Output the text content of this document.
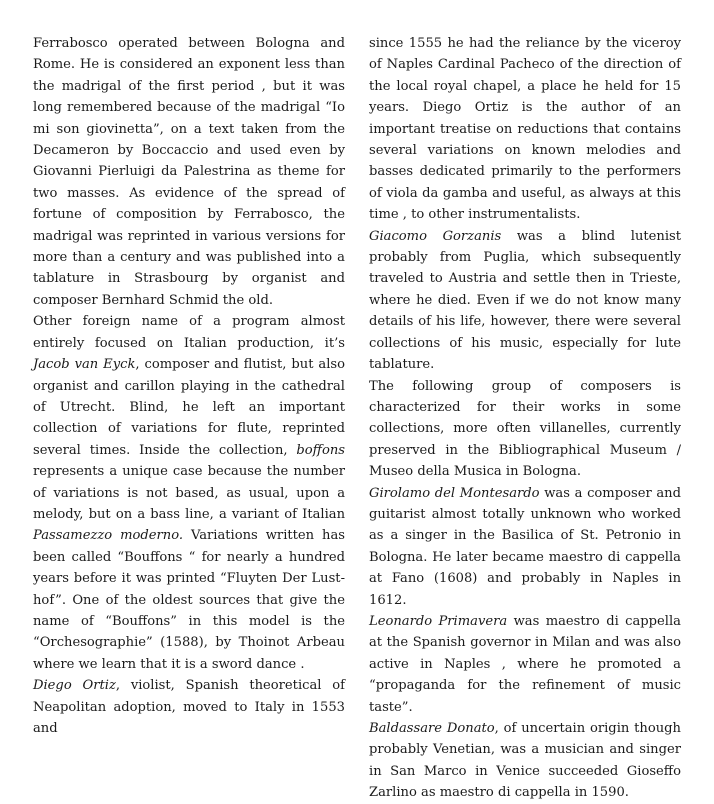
Ferrabosco operated between Bologna and Rome. He is considered an exponent less than the madrigal of the first period , but it was long remembered because of the madrigal “Io mi son giovinetta”, on a text taken from the Decameron by Boccaccio and used even by Giovanni Pierluigi da Palestrina as theme for two masses. As evidence of the spread of fortune of composition by Ferrabosco, the madrigal was reprinted in various versions for more than a century and was published into a tablature in Strasbourg by organist and composer Bernhard Schmid the old.

Other foreign name of a program almost entirely focused on Italian production, it’s Jacob van Eyck, composer and flutist, but also organist and carillon playing in the cathedral of Utrecht. Blind, he left an important collection of variations for flute, reprinted several times. Inside the collection, boffons represents a unique case because the number of variations is not based, as usual, upon a melody, but on a bass line, a variant of Italian Passamezzo moderno. Variations written has been called “Bouffons “ for nearly a hundred years before it was printed “Fluyten Der Lust-hof”. One of the oldest sources that give the name of “Bouffons” in this model is the “Orchesographie” (1588), by Thoinot Arbeau where we learn that it is a sword dance .

Diego Ortiz, violist, Spanish theoretical of Neapolitan adoption, moved to Italy in 1553 and

since 1555 he had the reliance by the viceroy of Naples Cardinal Pacheco of the direction of the local royal chapel, a place he held for 15 years. Diego Ortiz is the author of an important treatise on reductions that contains several variations on known melodies and basses dedicated primarily to the performers of viola da gamba and useful, as always at this time , to other instrumentalists.

Giacomo Gorzanis was a blind lutenist probably from Puglia, which subsequently traveled to Austria and settle then in Trieste, where he died. Even if we do not know many details of his life, however, there were several collections of his music, especially for lute tablature.

The following group of composers is characterized for their works in some collections, more often villanelles, currently preserved in the Bibliographical Museum / Museo della Musica in Bologna.

Girolamo del Montesardo was a composer and guitarist almost totally unknown who worked as a singer in the Basilica of St. Petronio in Bologna. He later became maestro di cappella at Fano (1608) and probably in Naples in 1612.

Leonardo Primavera was maestro di cappella at the Spanish governor in Milan and was also active in Naples , where he promoted a “propaganda for the refinement of music taste”.

Baldassare Donato, of uncertain origin though probably Venetian, was a musician and singer in San Marco in Venice succeeded Gioseffo Zarlino as maestro di cappella in 1590.
